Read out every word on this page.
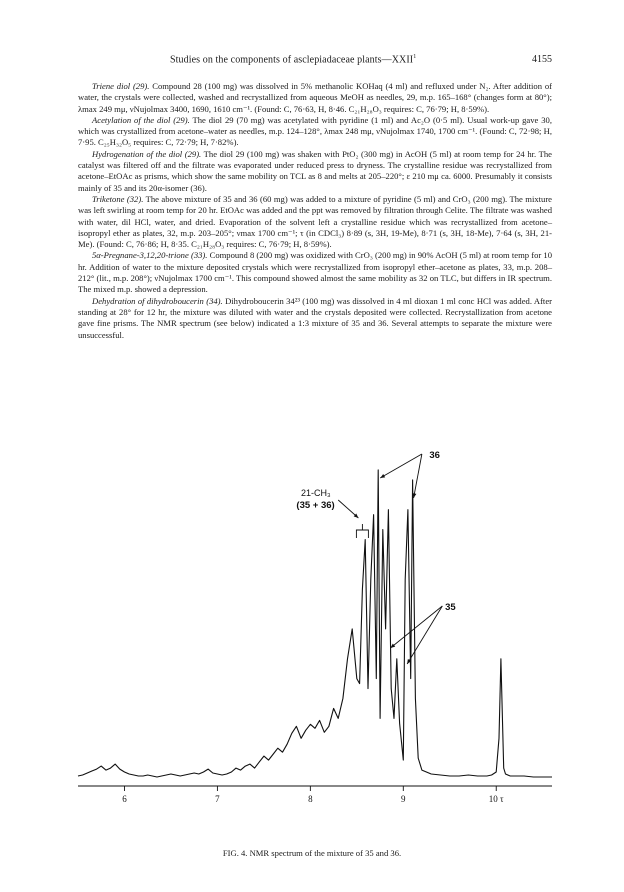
Studies on the components of asclepiadaceae plants—XXII$^1$	4155

Triene diol (29). Compound 28 (100 mg) was dissolved in 5% methanolic KOHaq (4 ml) and refluxed under N₂. After addition of water, the crystals were collected, washed and recrystallized from aqueous MeOH as needles, 29, m.p. 165–168° (changes form at 80°); λmax 249 mμ, νNujolmax 3400, 1690, 1610 cm⁻¹. (Found: C, 76·63, H, 8·46. C₂₁H₂₈O₃ requires: C, 76·79; H, 8·59%).

Acetylation of the diol (29). The diol 29 (70 mg) was acetylated with pyridine (1 ml) and Ac₂O (0·5 ml). Usual work-up gave 30, which was crystallized from acetone–water as needles, m.p. 124–128°, λmax 248 mμ, νNujolmax 1740, 1700 cm⁻¹. (Found: C, 72·98; H, 7·95. C₂₅H₃₂O₅ requires: C, 72·79; H, 7·82%).

Hydrogenation of the diol (29). The diol 29 (100 mg) was shaken with PtO₂ (300 mg) in AcOH (5 ml) at room temp for 24 hr. The catalyst was filtered off and the filtrate was evaporated under reduced press to dryness. The crystalline residue was recrystallized from acetone–EtOAc as prisms, which show the same mobility on TCL as 8 and melts at 205–220°; ε 210 mμ ca. 6000. Presumably it consists mainly of 35 and its 20α-isomer (36).

Triketone (32). The above mixture of 35 and 36 (60 mg) was added to a mixture of pyridine (5 ml) and CrO₃ (200 mg). The mixture was left swirling at room temp for 20 hr. EtOAc was added and the ppt was removed by filtration through Celite. The filtrate was washed with water, dil HCl, water, and dried. Evaporation of the solvent left a crystalline residue which was recrystallized from acetone–isopropyl ether as plates, 32, m.p. 203–205°; νmax 1700 cm⁻¹; τ (in CDCl₃) 8·89 (s, 3H, 19-Me), 8·71 (s, 3H, 18-Me), 7·64 (s, 3H, 21-Me). (Found: C, 76·86; H, 8·35. C₂₁H₂₈O₃ requires: C, 76·79; H, 8·59%).

5α-Pregnane-3,12,20-trione (33). Compound 8 (200 mg) was oxidized with CrO₃ (200 mg) in 90% AcOH (5 ml) at room temp for 10 hr. Addition of water to the mixture deposited crystals which were recrystallized from isopropyl ether–acetone as plates, 33, m.p. 208–212° (lit., m.p. 208°); νNujolmax 1700 cm⁻¹. This compound showed almost the same mobility as 32 on TLC, but differs in IR spectrum. The mixed m.p. showed a depression.

Dehydration of dihydroboucerin (34). Dihydroboucerin 34²³ (100 mg) was dissolved in 4 ml dioxan 1 ml conc HCl was added. After standing at 28° for 12 hr, the mixture was diluted with water and the crystals deposited were collected. Recrystallization from acetone gave fine prisms. The NMR spectrum (see below) indicated a 1:3 mixture of 35 and 36. Several attempts to separate the mixture were unsuccessful.

6	7	8	9	10 τ
21-CH₃
(35 + 36)
36
35
FIG. 4. NMR spectrum of the mixture of 35 and 36.
